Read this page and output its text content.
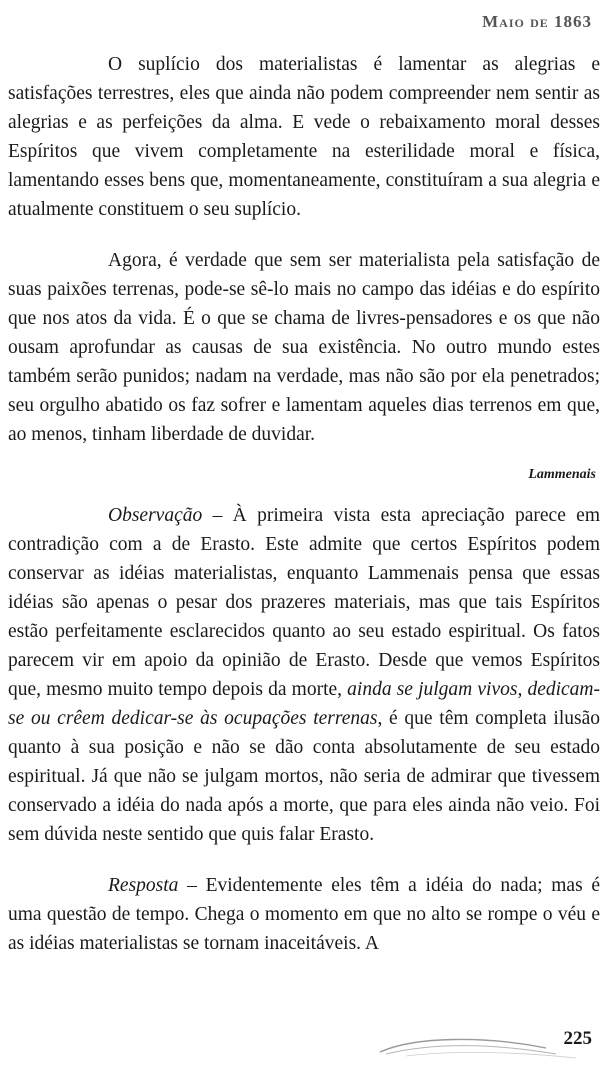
Maio de 1863

O suplício dos materialistas é lamentar as alegrias e satisfações terrestres, eles que ainda não podem compreender nem sentir as alegrias e as perfeições da alma. E vede o rebaixamento moral desses Espíritos que vivem completamente na esterilidade moral e física, lamentando esses bens que, momentaneamente, constituíram a sua alegria e atualmente constituem o seu suplício.

Agora, é verdade que sem ser materialista pela satisfação de suas paixões terrenas, pode-se sê-lo mais no campo das idéias e do espírito que nos atos da vida. É o que se chama de livres-pensadores e os que não ousam aprofundar as causas de sua existência. No outro mundo estes também serão punidos; nadam na verdade, mas não são por ela penetrados; seu orgulho abatido os faz sofrer e lamentam aqueles dias terrenos em que, ao menos, tinham liberdade de duvidar.

Lammenais

Observação – À primeira vista esta apreciação parece em contradição com a de Erasto. Este admite que certos Espíritos podem conservar as idéias materialistas, enquanto Lammenais pensa que essas idéias são apenas o pesar dos prazeres materiais, mas que tais Espíritos estão perfeitamente esclarecidos quanto ao seu estado espiritual. Os fatos parecem vir em apoio da opinião de Erasto. Desde que vemos Espíritos que, mesmo muito tempo depois da morte, ainda se julgam vivos, dedicam-se ou crêem dedicar-se às ocupações terrenas, é que têm completa ilusão quanto à sua posição e não se dão conta absolutamente de seu estado espiritual. Já que não se julgam mortos, não seria de admirar que tivessem conservado a idéia do nada após a morte, que para eles ainda não veio. Foi sem dúvida neste sentido que quis falar Erasto.

Resposta – Evidentemente eles têm a idéia do nada; mas é uma questão de tempo. Chega o momento em que no alto se rompe o véu e as idéias materialistas se tornam inaceitáveis. A

225
